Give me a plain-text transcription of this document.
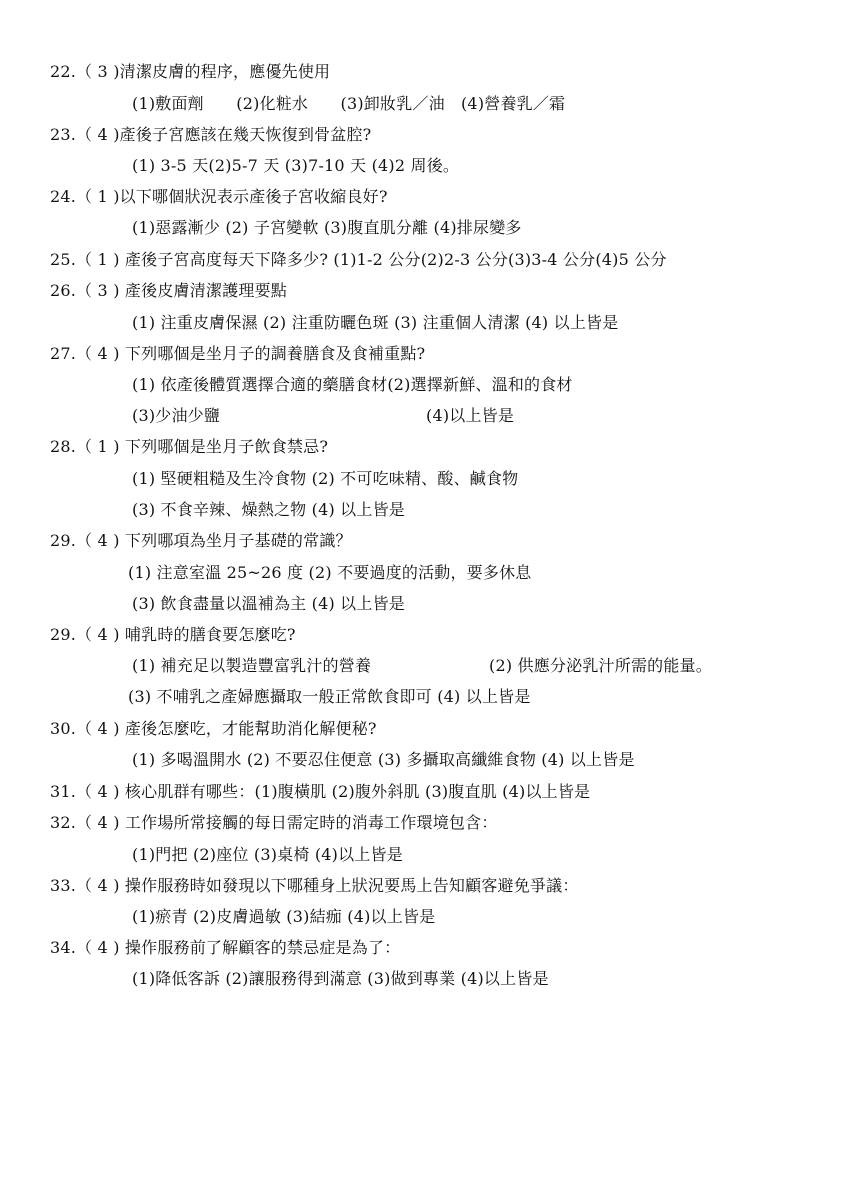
22.（ 3 )清潔皮膚的程序，應優先使用
(1)敷面劑　　(2)化粧水　　(3)卸妝乳／油　(4)營養乳／霜
23.（ 4 )產後子宮應該在幾天恢復到骨盆腔?
(1) 3-5 天(2)5-7 天 (3)7-10 天 (4)2 周後。
24.（ 1 )以下哪個狀況表示產後子宮收縮良好?
(1)惡露漸少 (2) 子宮變軟 (3)腹直肌分離 (4)排尿變多
25.（ 1 ) 產後子宮高度每天下降多少? (1)1-2 公分(2)2-3 公分(3)3-4 公分(4)5 公分
26.（ 3 ) 產後皮膚清潔護理要點
(1) 注重皮膚保濕 (2) 注重防曬色斑 (3) 注重個人清潔 (4) 以上皆是
27.（ 4 ) 下列哪個是坐月子的調養膳食及食補重點?
(1) 依產後體質選擇合適的藥膳食材(2)選擇新鮮、溫和的食材
(3)少油少鹽	(4)以上皆是
28.（ 1 ) 下列哪個是坐月子飲食禁忌?
(1) 堅硬粗糙及生冷食物 (2) 不可吃味精、酸、鹹食物
(3) 不食辛辣、燥熱之物 (4) 以上皆是
29.（ 4 ) 下列哪項為坐月子基礎的常識？
(1) 注意室溫 25~26 度 (2) 不要過度的活動，要多休息
(3) 飲食盡量以溫補為主 (4) 以上皆是
29.（ 4 ) 哺乳時的膳食要怎麼吃?
(1) 補充足以製造豐富乳汁的營養	(2) 供應分泌乳汁所需的能量。
(3) 不哺乳之產婦應攝取一般正常飲食即可 (4) 以上皆是
30.（ 4 ) 產後怎麼吃，才能幫助消化解便秘?
(1) 多喝溫開水 (2) 不要忍住便意 (3) 多攝取高纖維食物 (4) 以上皆是
31.（ 4 ) 核心肌群有哪些：(1)腹橫肌 (2)腹外斜肌 (3)腹直肌 (4)以上皆是
32.（ 4 ) 工作場所常接觸的每日需定時的消毒工作環境包含：
(1)門把 (2)座位 (3)桌椅 (4)以上皆是
33.（ 4 ) 操作服務時如發現以下哪種身上狀況要馬上告知顧客避免爭議：
(1)瘀青 (2)皮膚過敏 (3)結痂 (4)以上皆是
34.（ 4 ) 操作服務前了解顧客的禁忌症是為了：
(1)降低客訴 (2)讓服務得到滿意 (3)做到專業 (4)以上皆是
